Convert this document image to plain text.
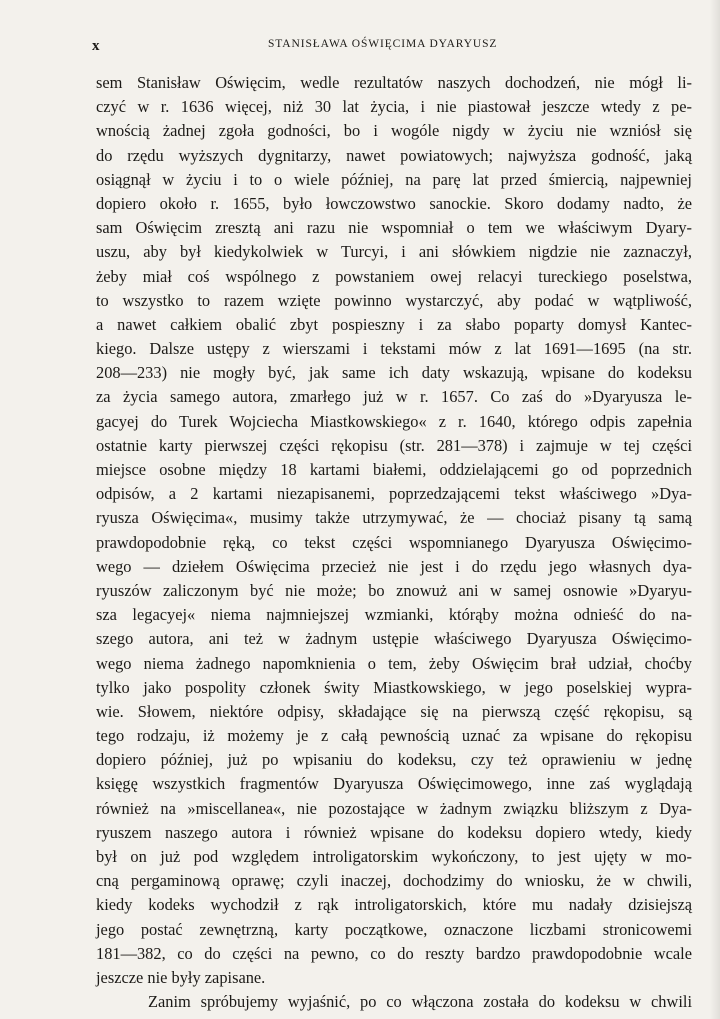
x	STANISŁAWA OŚWIĘCIMA DYARYUSZ
sem Stanisław Oświęcim, wedle rezultatów naszych dochodzeń, nie mógł li-
czyć w r. 1636 więcej, niż 30 lat życia, i nie piastował jeszcze wtedy z pe-
wnością żadnej zgoła godności, bo i wogóle nigdy w życiu nie wzniósł się
do rzędu wyższych dygnitarzy, nawet powiatowych; najwyższa godność, jaką
osiągnął w życiu i to o wiele później, na parę lat przed śmiercią, najpewniej
dopiero około r. 1655, było łowczowstwo sanockie. Skoro dodamy nadto, że
sam Oświęcim zresztą ani razu nie wspomniał o tem we właściwym Dyary-
uszu, aby był kiedykolwiek w Turcyi, i ani słówkiem nigdzie nie zaznaczył,
żeby miał coś wspólnego z powstaniem owej relacyi tureckiego poselstwa,
to wszystko to razem wzięte powinno wystarczyć, aby podać w wątpliwość,
a nawet całkiem obalić zbyt pospieszny i za słabo poparty domysł Kantec-
kiego. Dalsze ustępy z wierszami i tekstami mów z lat 1691—1695 (na str.
208—233) nie mogły być, jak same ich daty wskazują, wpisane do kodeksu
za życia samego autora, zmarłego już w r. 1657. Co zaś do »Dyaryusza le-
gacyej do Turek Wojciecha Miastkowskiego« z r. 1640, którego odpis zapełnia
ostatnie karty pierwszej części rękopisu (str. 281—378) i zajmuje w tej części
miejsce osobne między 18 kartami białemi, oddzielającemi go od poprzednich
odpisów, a 2 kartami niezapisanemi, poprzedzającemi tekst właściwego »Dya-
ryusza Oświęcima«, musimy także utrzymywać, że — chociaż pisany tą samą
prawdopodobnie ręką, co tekst części wspomnianego Dyaryusza Oświęcimo-
wego — dziełem Oświęcima przecież nie jest i do rzędu jego własnych dya-
ryuszów zaliczonym być nie może; bo znowuż ani w samej osnowie »Dyaryu-
sza legacyej« niema najmniejszej wzmianki, którąby można odnieść do na-
szego autora, ani też w żadnym ustępie właściwego Dyaryusza Oświęcimo-
wego niema żadnego napomknienia o tem, żeby Oświęcim brał udział, choćby
tylko jako pospolity członek świty Miastkowskiego, w jego poselskiej wypra-
wie. Słowem, niektóre odpisy, składające się na pierwszą część rękopisu, są
tego rodzaju, iż możemy je z całą pewnością uznać za wpisane do rękopisu
dopiero później, już po wpisaniu do kodeksu, czy też oprawieniu w jednę
księgę wszystkich fragmentów Dyaryusza Oświęcimowego, inne zaś wyglądają
również na »miscellanea«, nie pozostające w żadnym związku bliższym z Dya-
ryuszem naszego autora i również wpisane do kodeksu dopiero wtedy, kiedy
był on już pod względem introligatorskim wykończony, to jest ujęty w mo-
cną pergaminową oprawę; czyli inaczej, dochodzimy do wniosku, że w chwili,
kiedy kodeks wychodził z rąk introligatorskich, które mu nadały dzisiejszą
jego postać zewnętrzną, karty początkowe, oznaczone liczbami stronicowemi
181—382, co do części na pewno, co do reszty bardzo prawdopodobnie wcale
jeszcze nie były zapisane.
Zanim spróbujemy wyjaśnić, po co włączona została do kodeksu w chwili
